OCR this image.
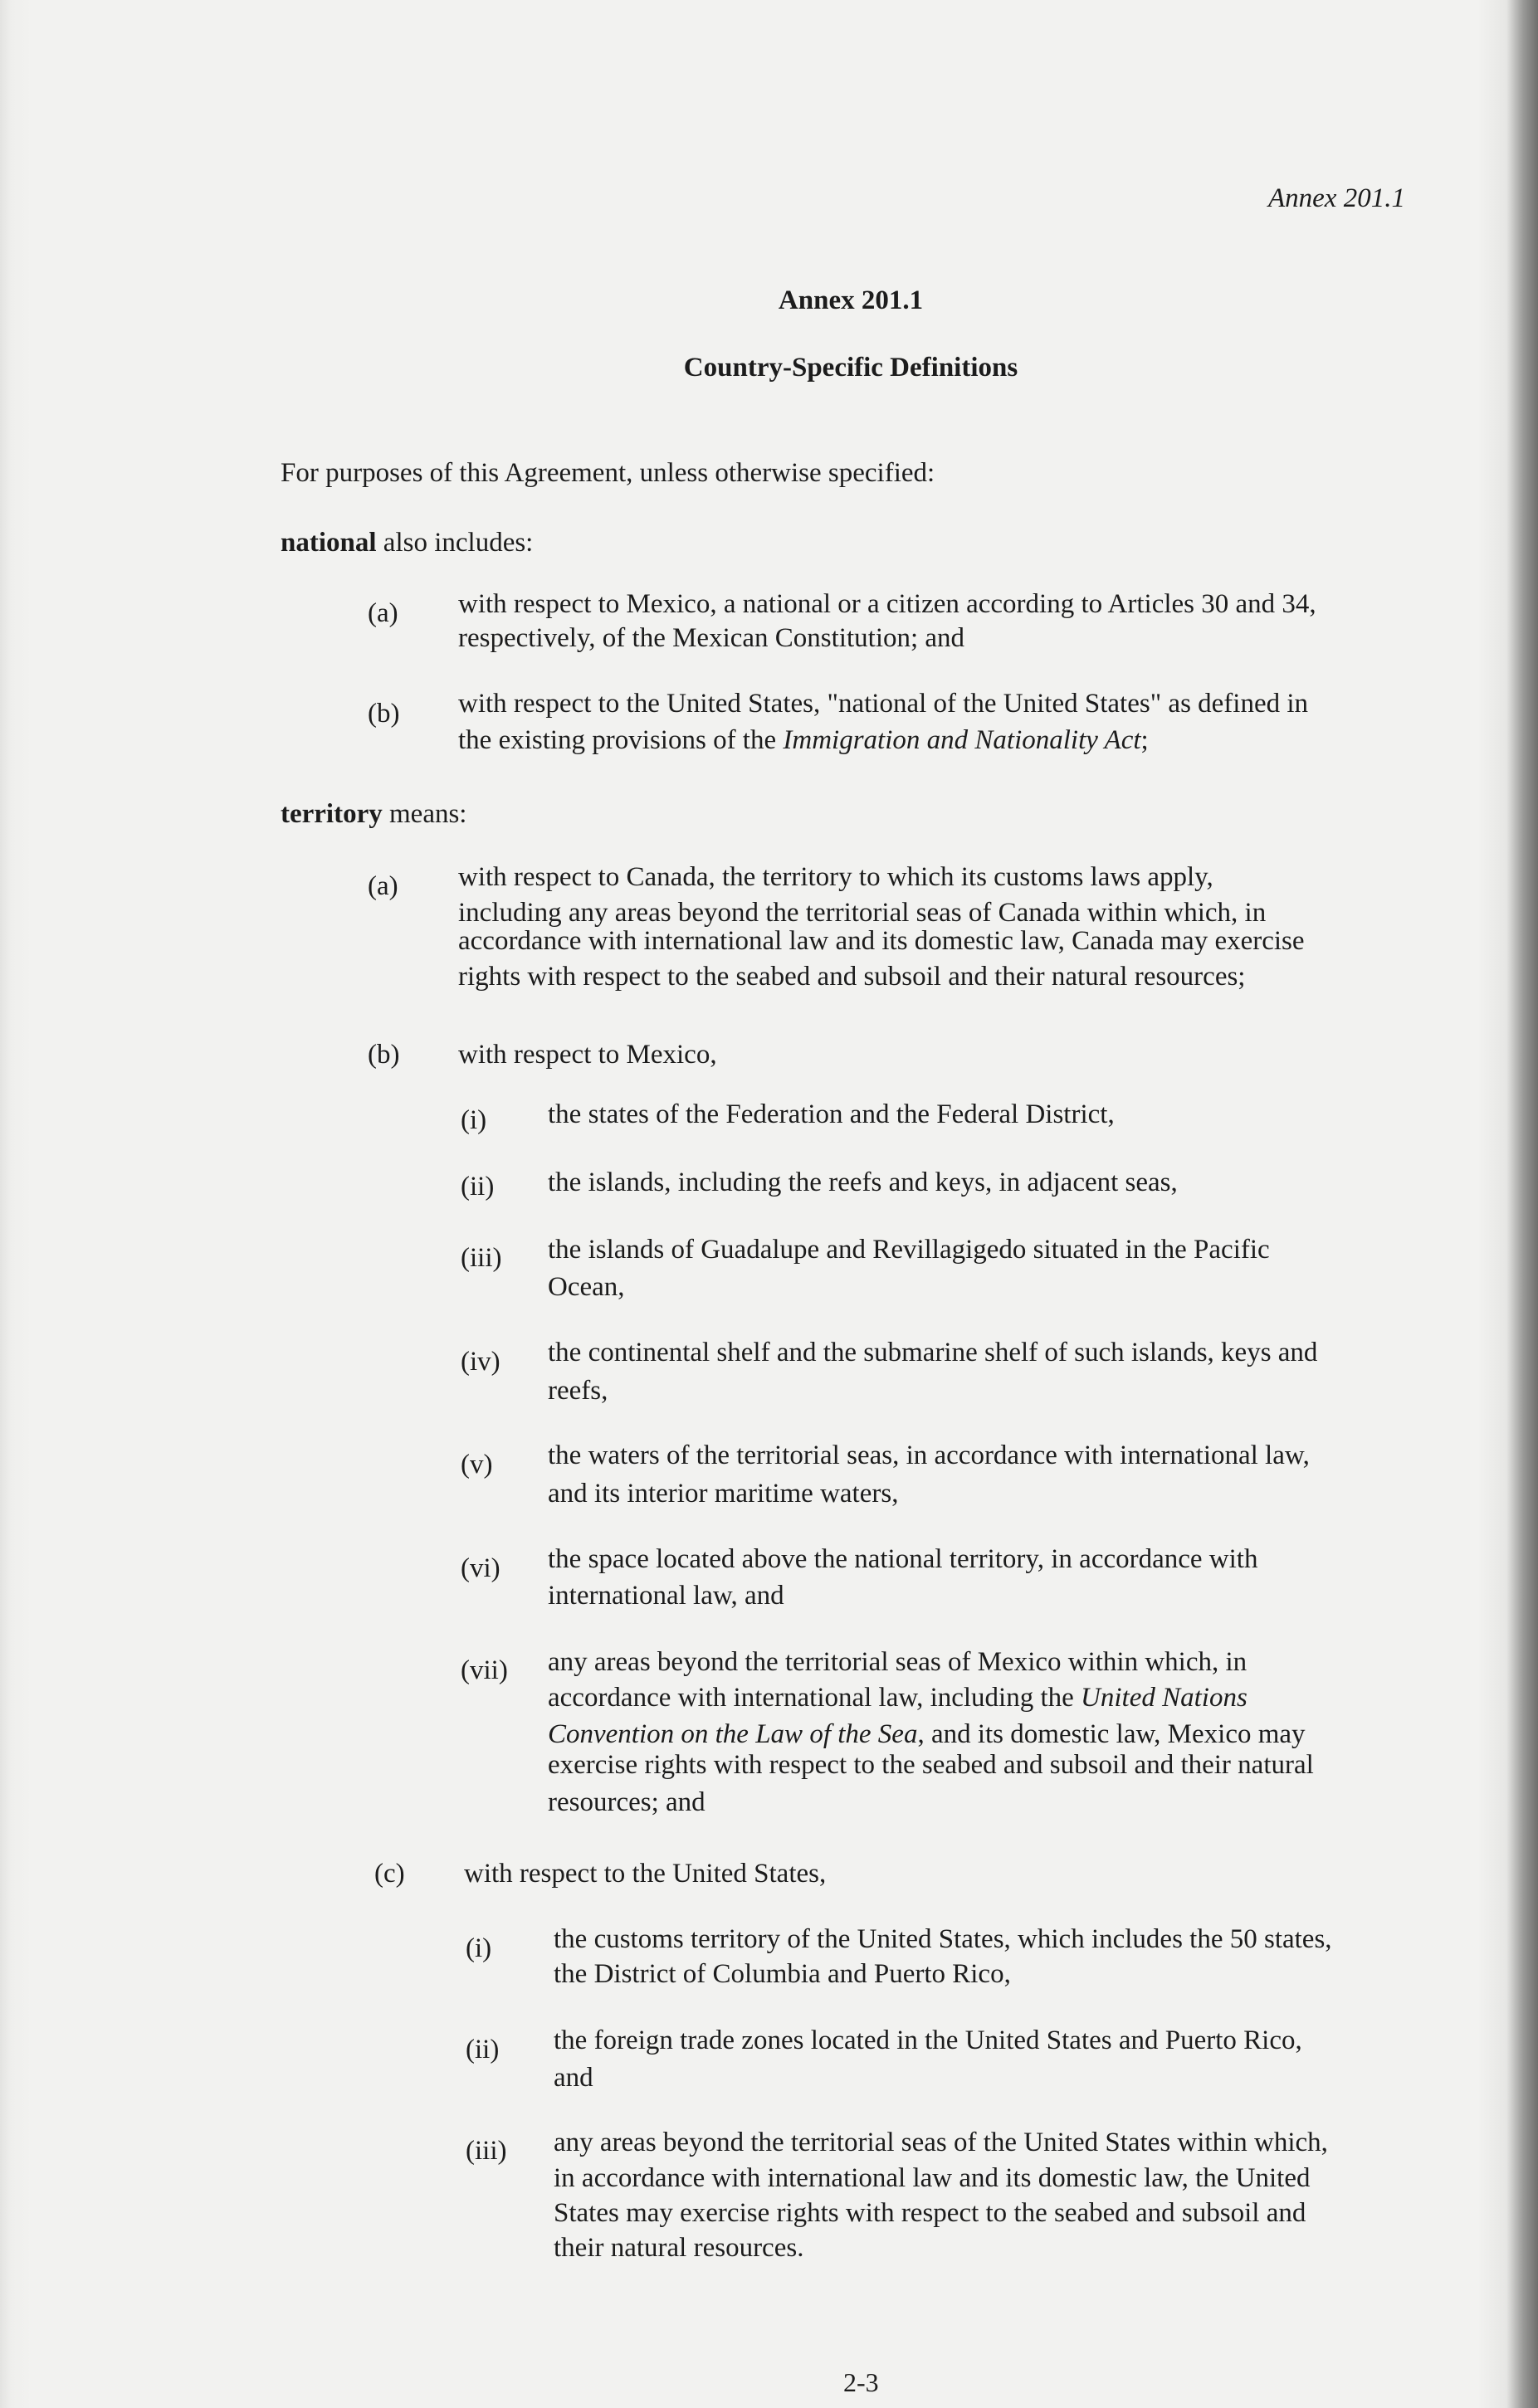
Annex 201.1
Annex 201.1
Country-Specific Definitions
For purposes of this Agreement, unless otherwise specified:
national also includes:
(a) with respect to Mexico, a national or a citizen according to Articles 30 and 34,
respectively, of the Mexican Constitution; and
(b) with respect to the United States, "national of the United States" as defined in
the existing provisions of the Immigration and Nationality Act;
territory means:
(a) with respect to Canada, the territory to which its customs laws apply,
including any areas beyond the territorial seas of Canada within which, in
accordance with international law and its domestic law, Canada may exercise
rights with respect to the seabed and subsoil and their natural resources;
(b) with respect to Mexico,
(i) the states of the Federation and the Federal District,
(ii) the islands, including the reefs and keys, in adjacent seas,
(iii) the islands of Guadalupe and Revillagigedo situated in the Pacific
Ocean,
(iv) the continental shelf and the submarine shelf of such islands, keys and
reefs,
(v) the waters of the territorial seas, in accordance with international law,
and its interior maritime waters,
(vi) the space located above the national territory, in accordance with
international law, and
(vii) any areas beyond the territorial seas of Mexico within which, in
accordance with international law, including the United Nations
Convention on the Law of the Sea, and its domestic law, Mexico may
exercise rights with respect to the seabed and subsoil and their natural
resources; and
(c) with respect to the United States,
(i) the customs territory of the United States, which includes the 50 states,
the District of Columbia and Puerto Rico,
(ii) the foreign trade zones located in the United States and Puerto Rico,
and
(iii) any areas beyond the territorial seas of the United States within which,
in accordance with international law and its domestic law, the United
States may exercise rights with respect to the seabed and subsoil and
their natural resources.
2-3
